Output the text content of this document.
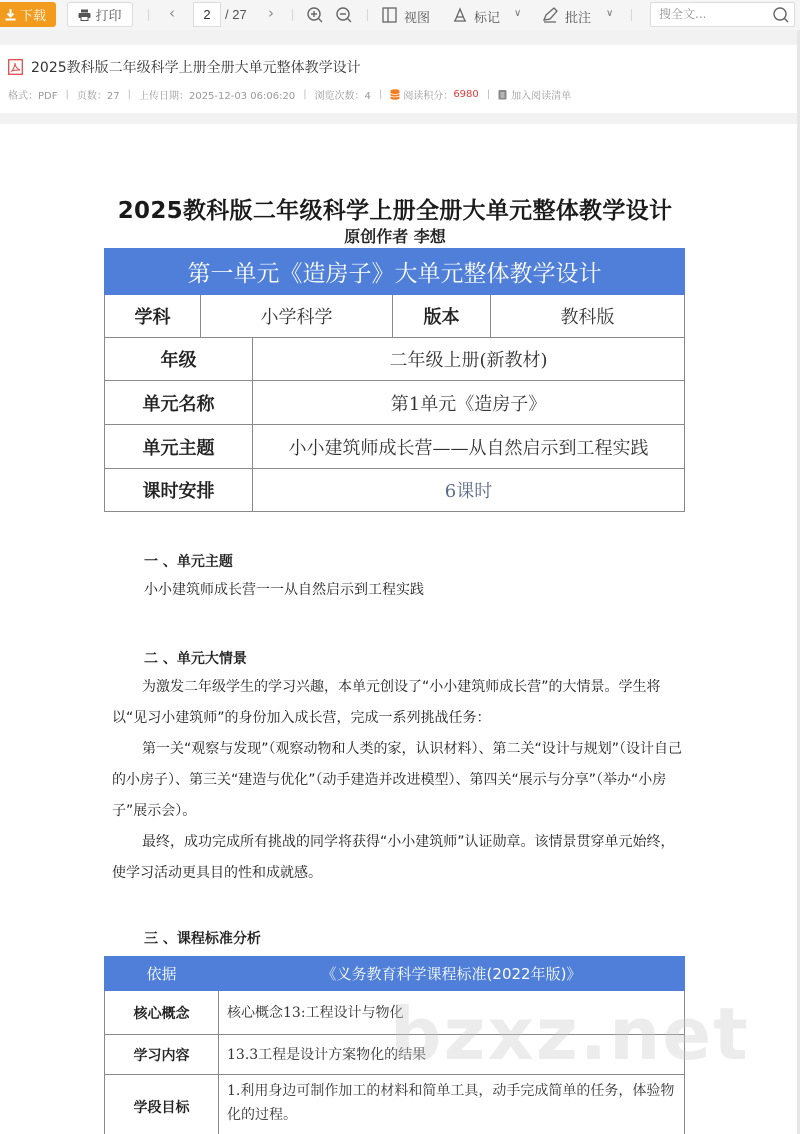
下载	打印	‹
2	/ 27	›	视图	标记 ∨	批注 ∨
搜全文...
2025教科版二年级科学上册全册大单元整体教学设计
格式：PDF | 页数：27 | 上传日期：2025-12-03 06:06:20 | 浏览次数：4 | 阅读积分： 6980 | 加入阅读清单
2025教科版二年级科学上册全册大单元整体教学设计
原创作者 李想
第一单元《造房子》大单元整体教学设计
学科	小学科学	版本	教科版
年级	二年级上册(新教材)
单元名称	第1单元《造房子》
单元主题	小小建筑师成长营——从自然启示到工程实践
课时安排	6课时
一 、单元主题
小小建筑师成长营一一从自然启示到工程实践
二 、单元大情景
为激发二年级学生的学习兴趣，本单元创设了“小小建筑师成长营”的大情景。学生将以“见习小建筑师”的身份加入成长营，完成一系列挑战任务：
第一关“观察与发现”（观察动物和人类的家，认识材料）、第二关“设计与规划”（设计自己的小房子）、第三关“建造与优化”（动手建造并改进模型）、第四关“展示与分享”（举办“小房子”展示会）。
最终，成功完成所有挑战的同学将获得“小小建筑师”认证勋章。该情景贯穿单元始终，使学习活动更具目的性和成就感。
三 、课程标准分析
依据	《义务教育科学课程标准(2022年版)》
核心概念	核心概念13:工程设计与物化
学习内容	13.3工程是设计方案物化的结果
学段目标	1.利用身边可制作加工的材料和简单工具，动手完成简单的任务，体验物化的过程。
bzxz.net
